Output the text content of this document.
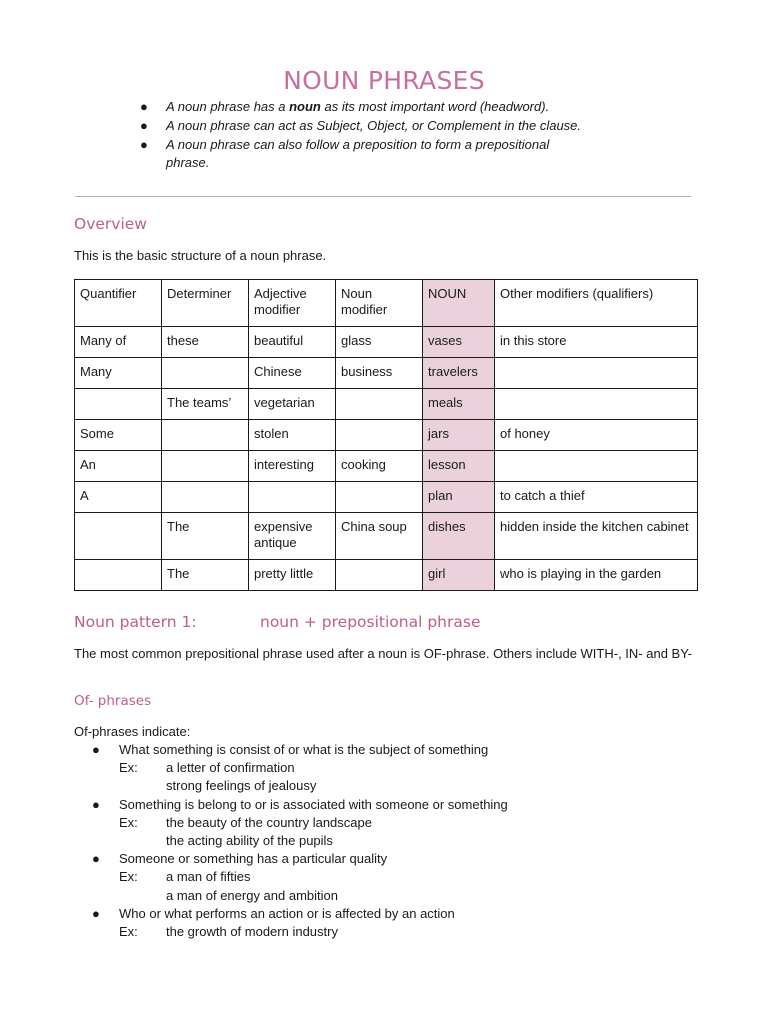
NOUN PHRASES
● A noun phrase has a noun as its most important word (headword).
● A noun phrase can act as Subject, Object, or Complement in the clause.
● A noun phrase can also follow a preposition to form a prepositional
phrase.
Overview
This is the basic structure of a noun phrase.
Quantifier	Determiner	Adjective modifier	Noun modifier	NOUN	Other modifiers (qualifiers)
Many of	these	beautiful	glass	vases	in this store
Many		Chinese	business	travelers	
	The teams’	vegetarian		meals	
Some		stolen		jars	of honey
An		interesting	cooking	lesson	
A				plan	to catch a thief
	The	expensive antique	China soup	dishes	hidden inside the kitchen cabinet
	The	pretty little		girl	who is playing in the garden
Noun pattern 1:	noun + prepositional phrase
The most common prepositional phrase used after a noun is OF-phrase. Others include WITH-, IN- and BY-
Of- phrases
Of-phrases indicate:
● What something is consist of or what is the subject of something
Ex: a letter of confirmation
strong feelings of jealousy
● Something is belong to or is associated with someone or something
Ex: the beauty of the country landscape
the acting ability of the pupils
● Someone or something has a particular quality
Ex: a man of fifties
a man of energy and ambition
● Who or what performs an action or is affected by an action
Ex: the growth of modern industry
